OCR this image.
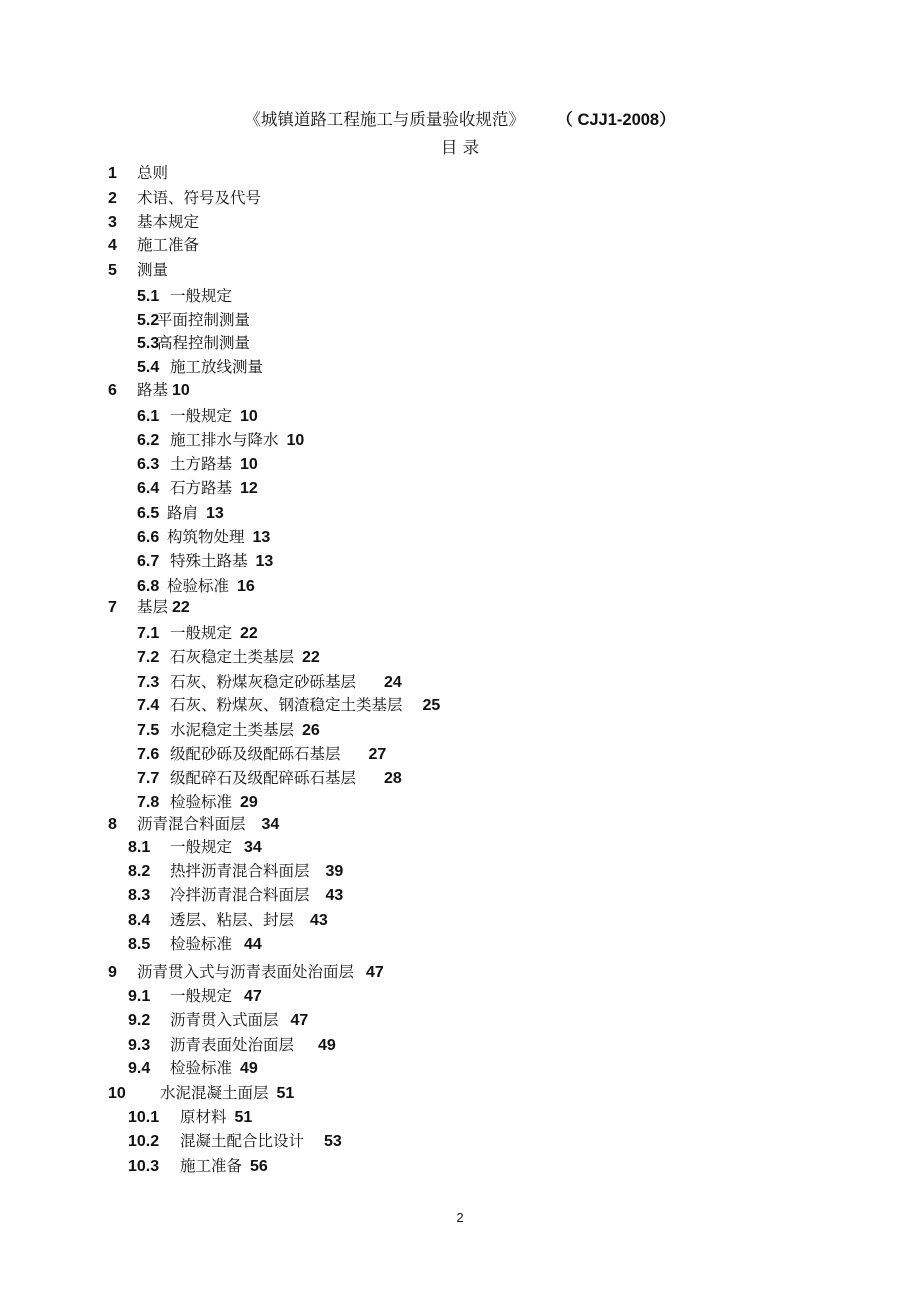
《城镇道路工程施工与质量验收规范》 （ CJJ1-2008）
目 录
1 总则
2 术语、符号及代号
3 基本规定
4 施工准备
5 测量
5.1 一般规定
5.2平面控制测量
5.3高程控制测量
5.4 施工放线测量
6 路基 10
6.1 一般规定 10
6.2 施工排水与降水 10
6.3 土方路基 10
6.4 石方路基 12
6.5 路肩 13
6.6 构筑物处理 13
6.7 特殊土路基 13
6.8 检验标准 16
7 基层 22
7.1 一般规定 22
7.2 石灰稳定土类基层 22
7.3 石灰、粉煤灰稳定砂砾基层 24
7.4 石灰、粉煤灰、钢渣稳定土类基层 25
7.5 水泥稳定土类基层 26
7.6 级配砂砾及级配砾石基层 27
7.7 级配碎石及级配碎砾石基层 28
7.8 检验标准 29
8 沥青混合料面层 34
8.1 一般规定 34
8.2 热拌沥青混合料面层 39
8.3 冷拌沥青混合料面层 43
8.4 透层、粘层、封层 43
8.5 检验标准 44
9 沥青贯入式与沥青表面处治面层 47
9.1 一般规定 47
9.2 沥青贯入式面层 47
9.3 沥青表面处治面层 49
9.4 检验标准 49
10 水泥混凝土面层 51
10.1 原材料 51
10.2 混凝土配合比设计 53
10.3 施工准备 56
2
